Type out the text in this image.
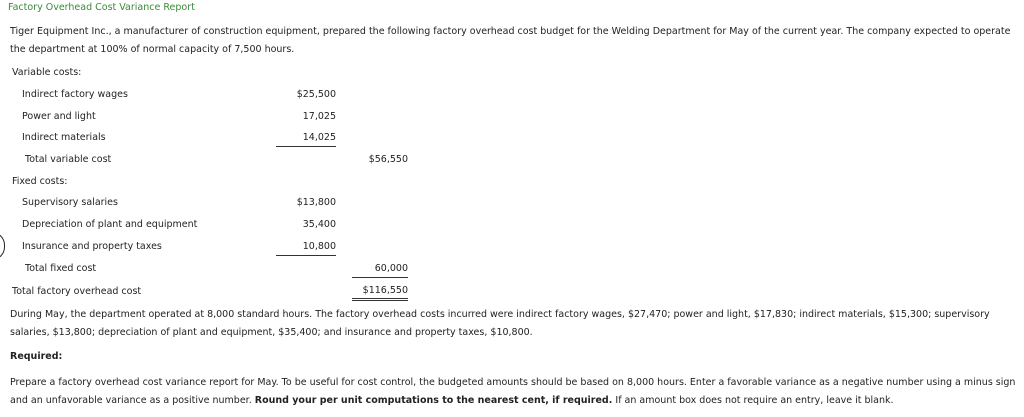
Factory Overhead Cost Variance Report
Tiger Equipment Inc., a manufacturer of construction equipment, prepared the following factory overhead cost budget for the Welding Department for May of the current year. The company expected to operate the department at 100% of normal capacity of 7,500 hours.
Variable costs:
Indirect factory wages	$25,500
Power and light	17,025
Indirect materials	14,025
Total variable cost	$56,550
Fixed costs:
Supervisory salaries	$13,800
Depreciation of plant and equipment	35,400
Insurance and property taxes	10,800
Total fixed cost	60,000
Total factory overhead cost	$116,550
During May, the department operated at 8,000 standard hours. The factory overhead costs incurred were indirect factory wages, $27,470; power and light, $17,830; indirect materials, $15,300; supervisory salaries, $13,800; depreciation of plant and equipment, $35,400; and insurance and property taxes, $10,800.
Required:
Prepare a factory overhead cost variance report for May. To be useful for cost control, the budgeted amounts should be based on 8,000 hours. Enter a favorable variance as a negative number using a minus sign and an unfavorable variance as a positive number. Round your per unit computations to the nearest cent, if required. If an amount box does not require an entry, leave it blank.
